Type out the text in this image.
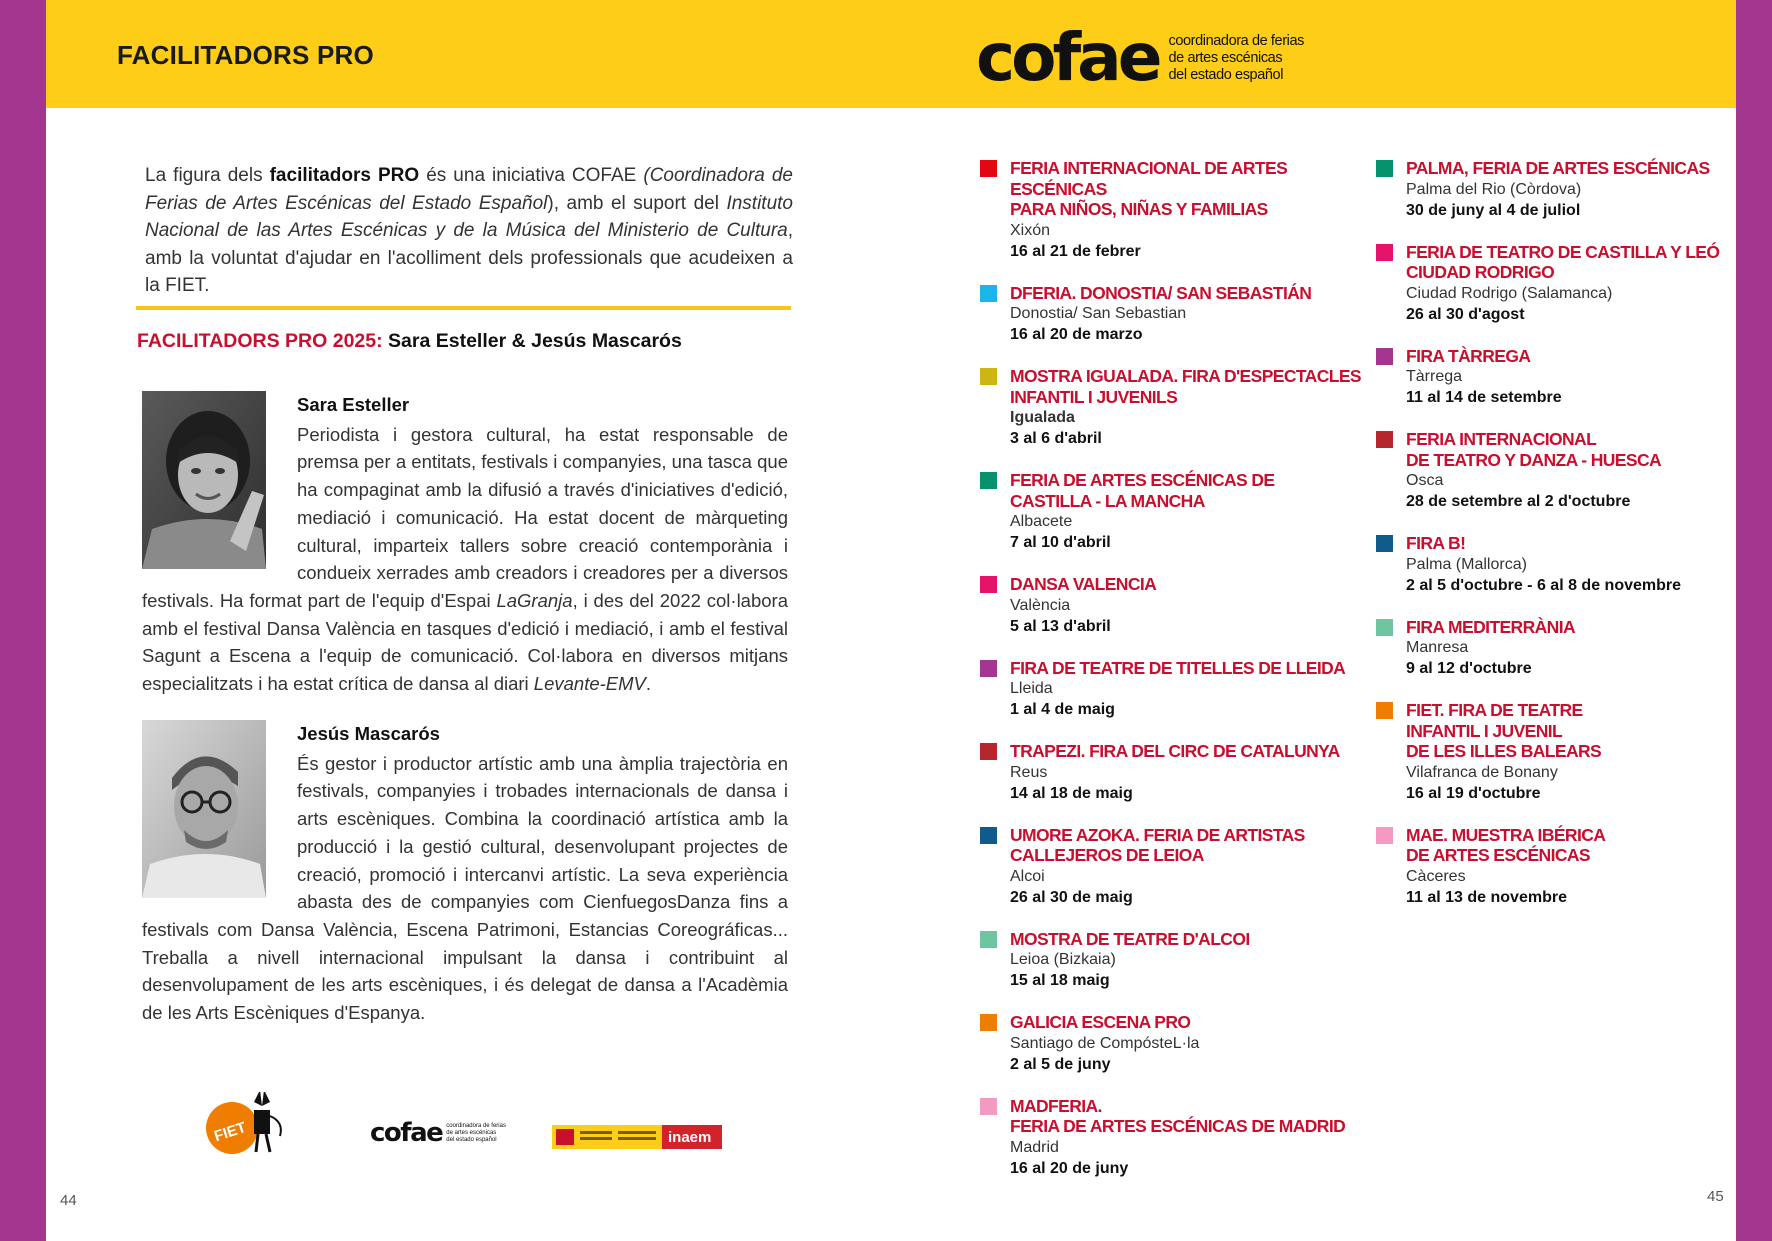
FACILITADORS PRO	cofae coordinadora de ferias
de artes escénicas
del estado español

La figura dels facilitadors PRO és una iniciativa COFAE (Coordinadora de Ferias de Artes Escénicas del Estado Español), amb el suport del Instituto Nacional de las Artes Escénicas y de la Música del Ministerio de Cultura, amb la voluntat d'ajudar en l'acolliment dels professionals que acudeixen a la FIET.

FACILITADORS PRO 2025: Sara Esteller & Jesús Mascarós
Sara Esteller
Periodista i gestora cultural, ha estat responsable de premsa per a entitats, festivals i companyies, una tasca que ha compaginat amb la difusió a través d'iniciatives d'edició, mediació i comunicació. Ha estat docent de màrqueting cultural, imparteix tallers sobre creació contemporània i condueix xerrades amb creadors i creadores per a diversos festivals. Ha format part de l'equip d'Espai LaGranja, i des del 2022 col·labora amb el festival Dansa València en tasques d'edició i mediació, i amb el festival Sagunt a Escena a l'equip de comunicació. Col·labora en diversos mitjans especialitzats i ha estat crítica de dansa al diari Levante-EMV.
Jesús Mascarós
És gestor i productor artístic amb una àmplia trajectòria en festivals, companyies i trobades internacionals de dansa i arts escèniques. Combina la coordinació artística amb la producció i la gestió cultural, desenvolupant projectes de creació, promoció i intercanvi artístic. La seva experiència abasta des de companyies com CienfuegosDanza fins a festivals com Dansa València, Escena Patrimoni, Estancias Coreográficas... Treballa a nivell internacional impulsant la dansa i contribuint al desenvolupament de les arts escèniques, i és delegat de dansa a l'Acadèmia de les Arts Escèniques d'Espanya.
FIET	cofae coordinadora de ferias
de artes escénicas
del estado español	inaem
44	45
FERIA INTERNACIONAL DE ARTES ESCÉNICAS
PARA NIÑOS, NIÑAS Y FAMILIAS
Xixón
16 al 21 de febrer
DFERIA. DONOSTIA/ SAN SEBASTIÁN
Donostia/ San Sebastian
16 al 20 de marzo
MOSTRA IGUALADA. FIRA D'ESPECTACLES
INFANTIL I JUVENILS
Igualada
3 al 6 d'abril
FERIA DE ARTES ESCÉNICAS DE
CASTILLA - LA MANCHA
Albacete
7 al 10 d'abril
DANSA VALENCIA
València
5 al 13 d'abril
FIRA DE TEATRE DE TITELLES DE LLEIDA
Lleida
1 al 4 de maig
TRAPEZI. FIRA DEL CIRC DE CATALUNYA
Reus
14 al 18 de maig
UMORE AZOKA. FERIA DE ARTISTAS
CALLEJEROS DE LEIOA
Alcoi
26 al 30 de maig
MOSTRA DE TEATRE D'ALCOI
Leioa (Bizkaia)
15 al 18 maig
GALICIA ESCENA PRO
Santiago de CompósteL·la
2 al 5 de juny
MADFERIA.
FERIA DE ARTES ESCÉNICAS DE MADRID
Madrid
16 al 20 de juny
PALMA, FERIA DE ARTES ESCÉNICAS
Palma del Rio (Còrdova)
30 de juny al 4 de juliol
FERIA DE TEATRO DE CASTILLA Y LEÓ
CIUDAD RODRIGO
Ciudad Rodrigo (Salamanca)
26 al 30 d'agost
FIRA TÀRREGA
Tàrrega
11 al 14 de setembre
FERIA INTERNACIONAL
DE TEATRO Y DANZA - HUESCA
Osca
28 de setembre al 2 d'octubre
FIRA B!
Palma (Mallorca)
2 al 5 d'octubre - 6 al 8 de novembre
FIRA MEDITERRÀNIA
Manresa
9 al 12 d'octubre
FIET. FIRA DE TEATRE
INFANTIL I JUVENIL
DE LES ILLES BALEARS
Vilafranca de Bonany
16 al 19 d'octubre
MAE. MUESTRA IBÉRICA
DE ARTES ESCÉNICAS
Càceres
11 al 13 de novembre
